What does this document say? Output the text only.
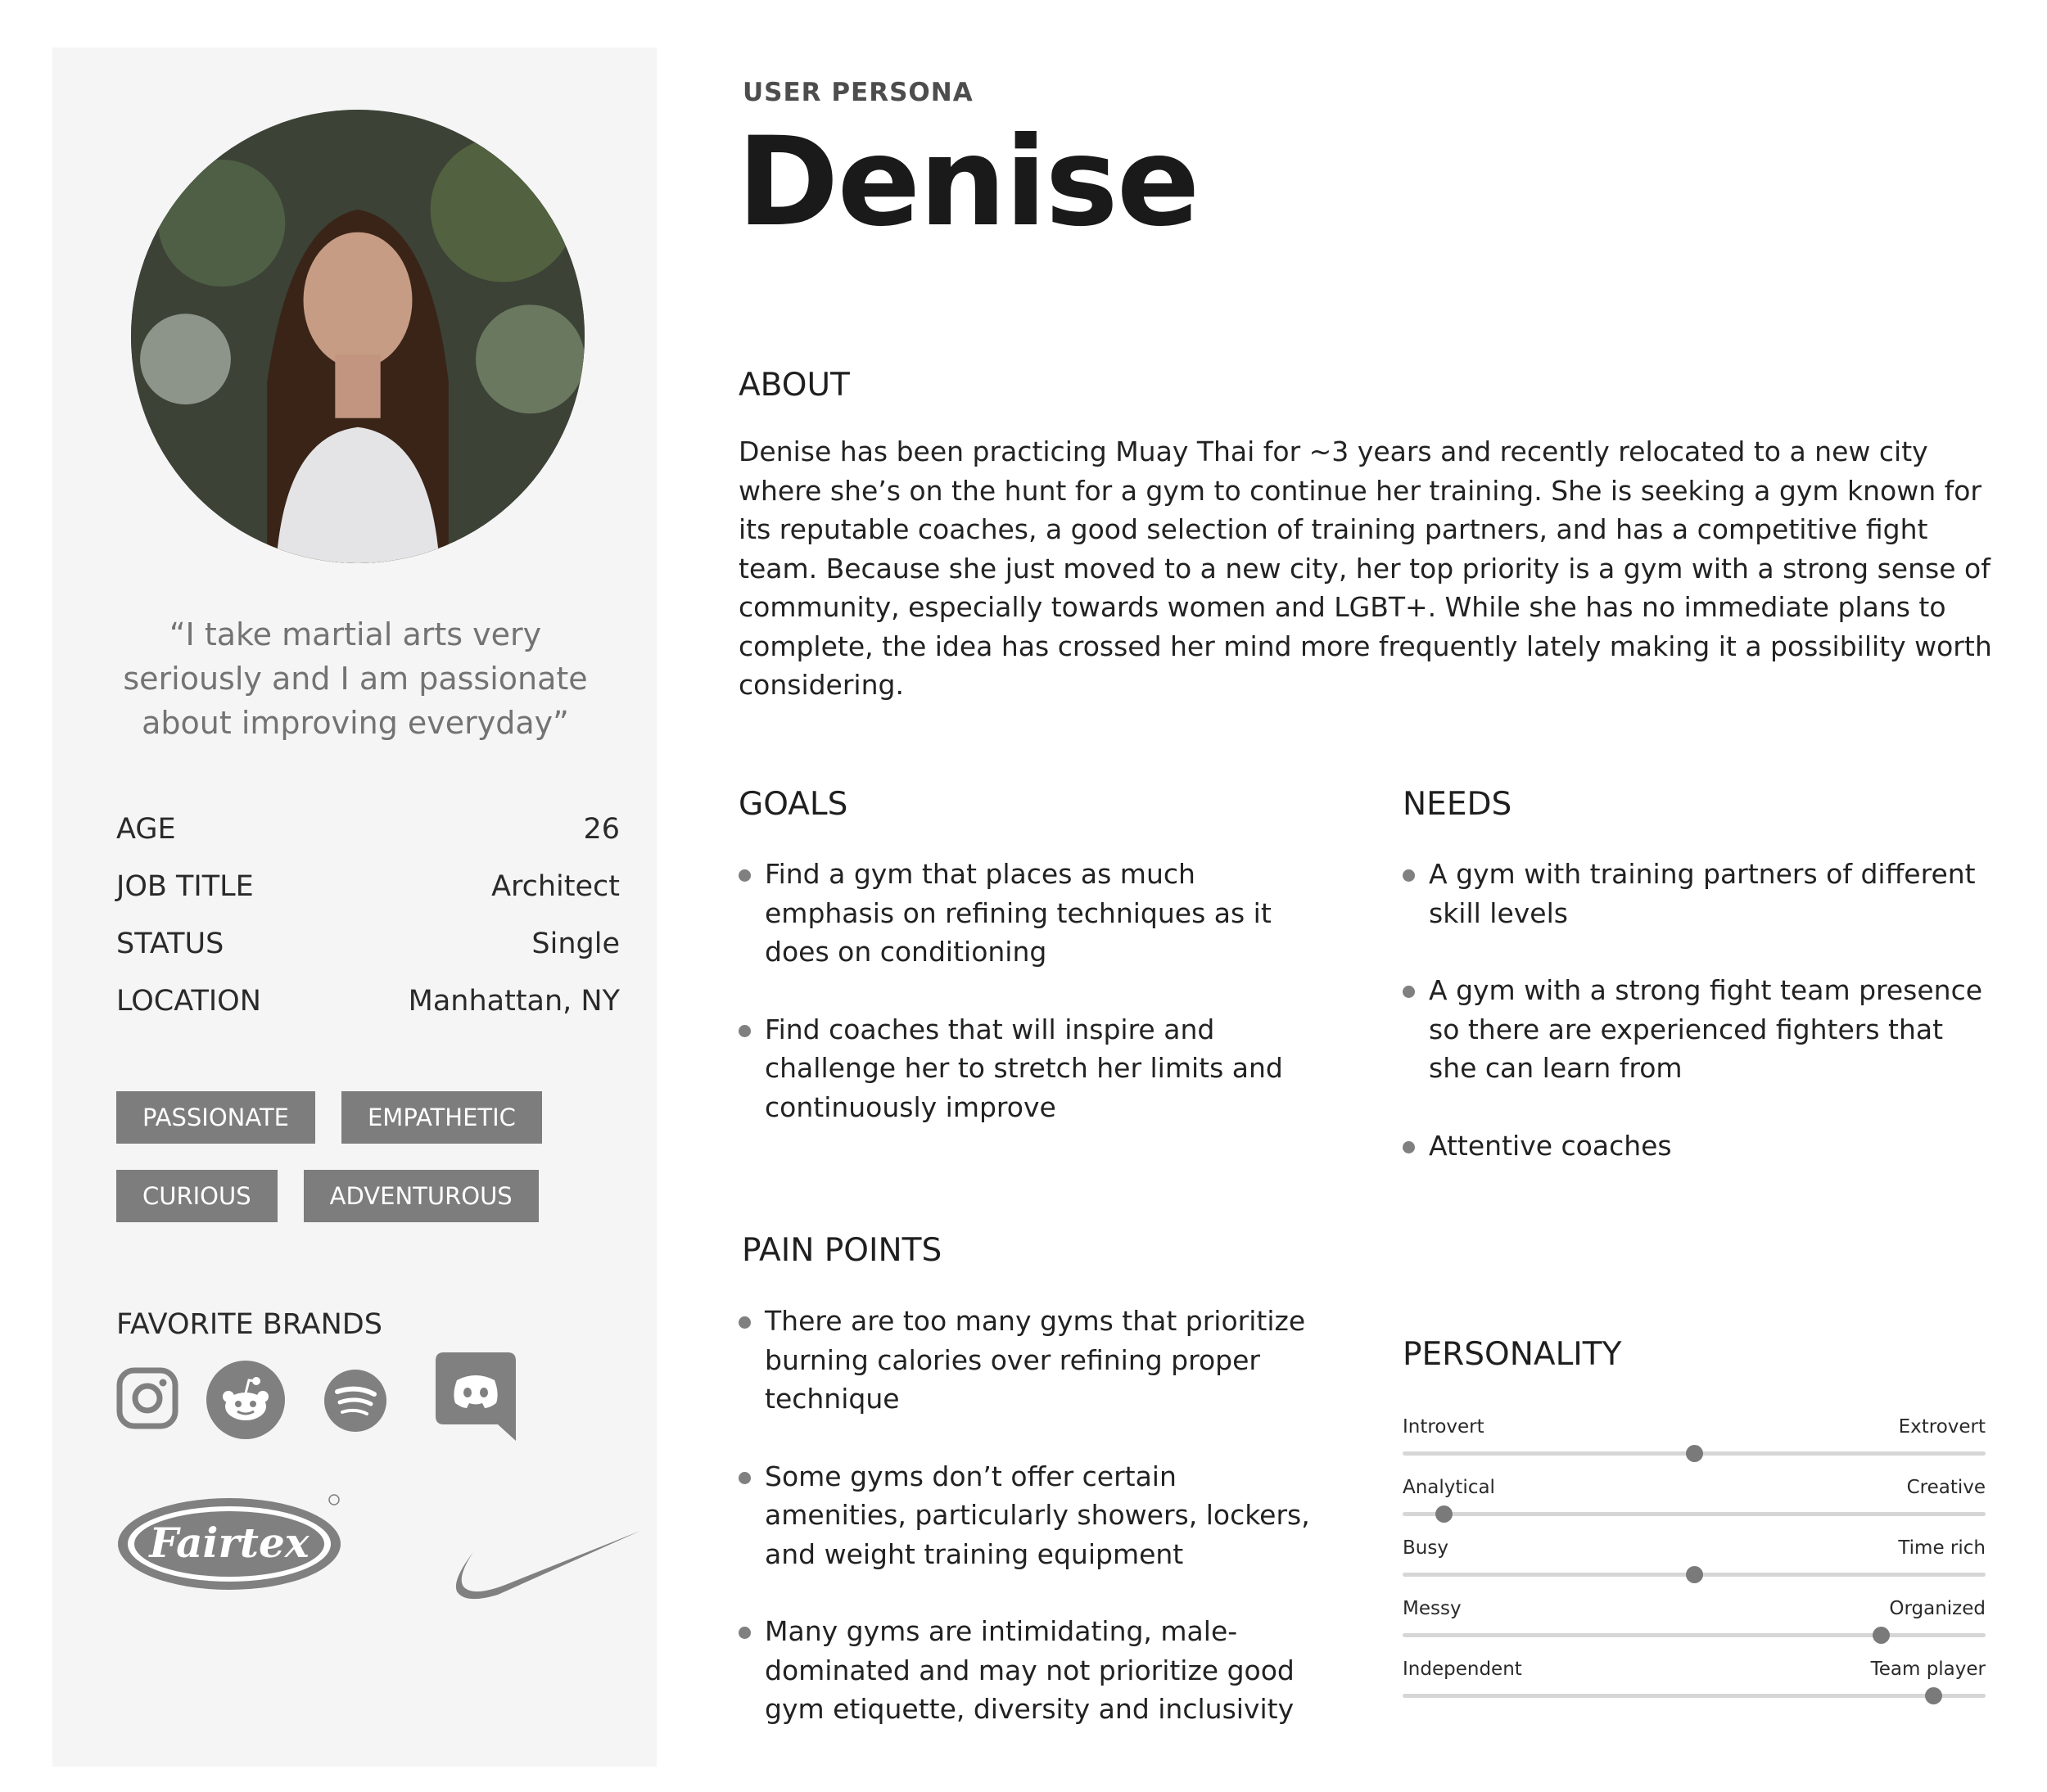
“I take martial arts very seriously and I am passionate about improving everyday”
AGE	26
JOB TITLE	Architect
STATUS	Single
LOCATION	Manhattan, NY
PASSIONATE	EMPATHETIC
CURIOUS	ADVENTUROUS
FAVORITE BRANDS
Fairtex
USER PERSONA
Denise
ABOUT
Denise has been practicing Muay Thai for ~3 years and recently relocated to a new city where she’s on the hunt for a gym to continue her training. She is seeking a gym known for its reputable coaches, a good selection of training partners, and has a competitive fight team. Because she just moved to a new city, her top priority is a gym with a strong sense of community, especially towards women and LGBT+. While she has no immediate plans to complete, the idea has crossed her mind more frequently lately making it a possibility worth considering.
GOALS
Find a gym that places as much emphasis on refining techniques as it does on conditioning
Find coaches that will inspire and challenge her to stretch her limits and continuously improve
NEEDS
A gym with training partners of different skill levels
A gym with a strong fight team presence so there are experienced fighters that she can learn from
Attentive coaches
PAIN POINTS
There are too many gyms that prioritize burning calories over refining proper technique
Some gyms don’t offer certain amenities, particularly showers, lockers, and weight training equipment
Many gyms are intimidating, male-dominated and may not prioritize good gym etiquette, diversity and inclusivity
PERSONALITY
Introvert	Extrovert
Analytical	Creative
Busy	Time rich
Messy	Organized
Independent	Team player
